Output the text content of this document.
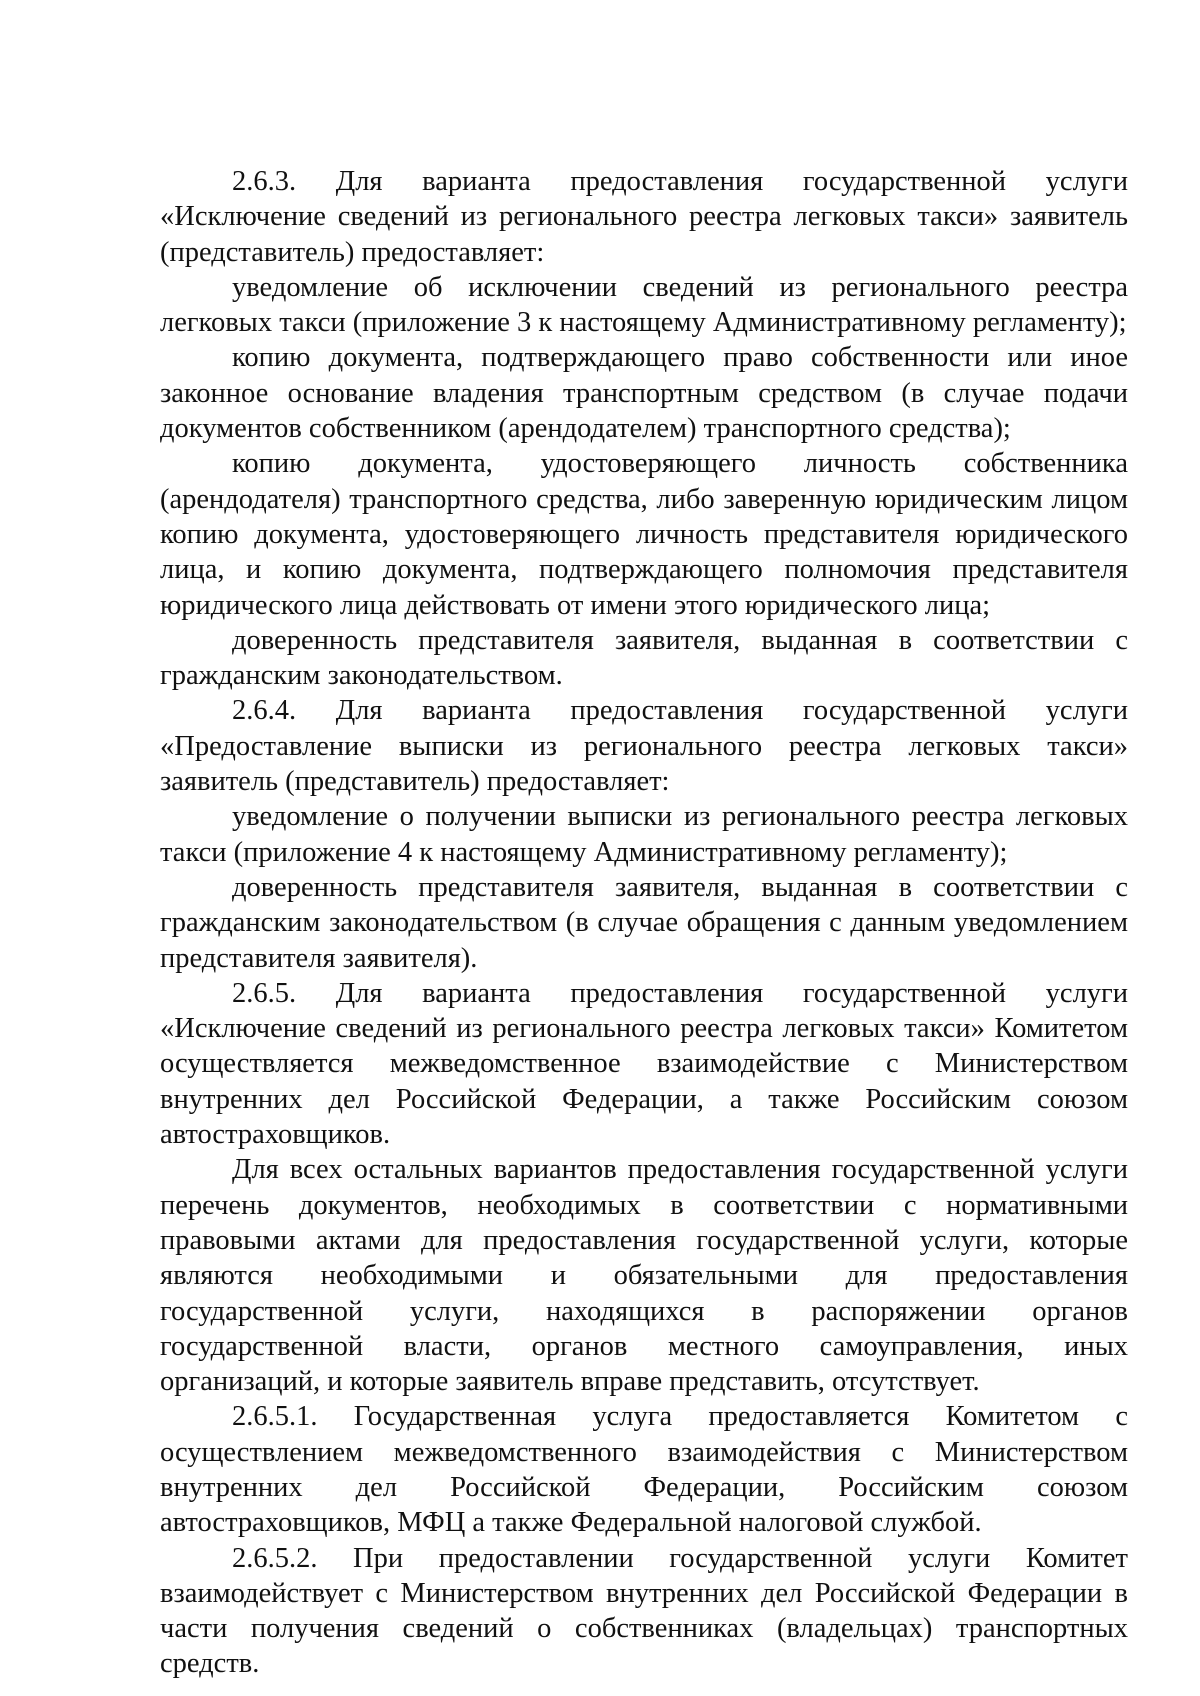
2.6.3. Для варианта предоставления государственной услуги «Исключение сведений из регионального реестра легковых такси» заявитель (представитель) предоставляет:

уведомление об исключении сведений из регионального реестра легковых такси (приложение 3 к настоящему Административному регламенту);

копию документа, подтверждающего право собственности или иное законное основание владения транспортным средством (в случае подачи документов собственником (арендодателем) транспортного средства);

копию документа, удостоверяющего личность собственника (арендодателя) транспортного средства, либо заверенную юридическим лицом копию документа, удостоверяющего личность представителя юридического лица, и копию документа, подтверждающего полномочия представителя юридического лица действовать от имени этого юридического лица;

доверенность представителя заявителя, выданная в соответствии с гражданским законодательством.

2.6.4. Для варианта предоставления государственной услуги «Предоставление выписки из регионального реестра легковых такси» заявитель (представитель) предоставляет:

уведомление о получении выписки из регионального реестра легковых такси (приложение 4 к настоящему Административному регламенту);

доверенность представителя заявителя, выданная в соответствии с гражданским законодательством (в случае обращения с данным уведомлением представителя заявителя).

2.6.5. Для варианта предоставления государственной услуги «Исключение сведений из регионального реестра легковых такси» Комитетом осуществляется межведомственное взаимодействие с Министерством внутренних дел Российской Федерации, а также Российским союзом автостраховщиков.

Для всех остальных вариантов предоставления государственной услуги перечень документов, необходимых в соответствии с нормативными правовыми актами для предоставления государственной услуги, которые являются необходимыми и обязательными для предоставления государственной услуги, находящихся в распоряжении органов государственной власти, органов местного самоуправления, иных организаций, и которые заявитель вправе представить, отсутствует.

2.6.5.1. Государственная услуга предоставляется Комитетом с осуществлением межведомственного взаимодействия с Министерством внутренних дел Российской Федерации, Российским союзом автостраховщиков, МФЦ а также Федеральной налоговой службой.

2.6.5.2. При предоставлении государственной услуги Комитет взаимодействует с Министерством внутренних дел Российской Федерации в части получения сведений о собственниках (владельцах) транспортных средств.
